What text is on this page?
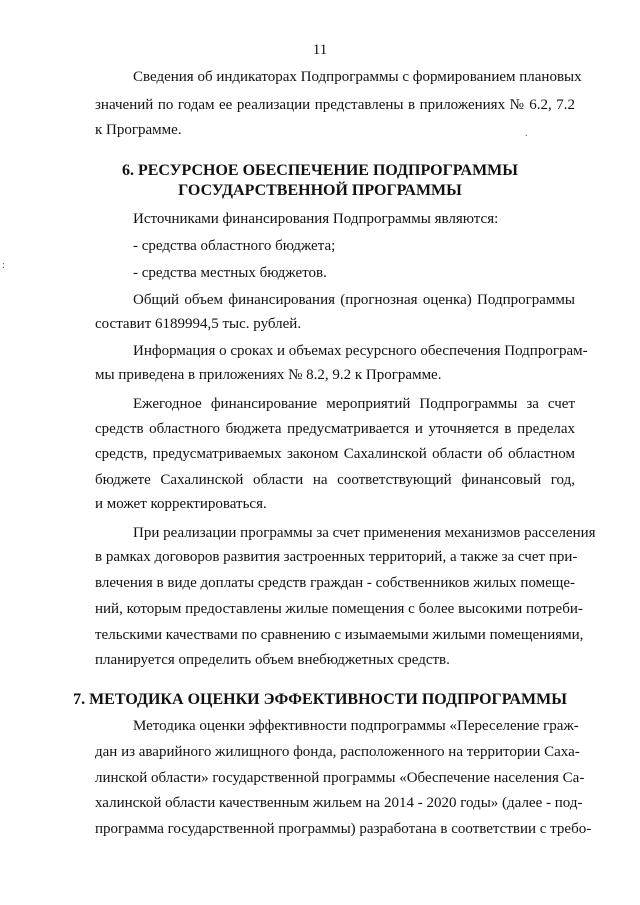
11
Сведения об индикаторах Подпрограммы с формированием плановых
значений по годам ее реализации представлены в приложениях № 6.2, 7.2
к Программе.	.
:
6. РЕСУРСНОЕ ОБЕСПЕЧЕНИЕ ПОДПРОГРАММЫ
ГОСУДАРСТВЕННОЙ ПРОГРАММЫ
Источниками финансирования Подпрограммы являются:
- средства областного бюджета;
- средства местных бюджетов.
Общий объем финансирования (прогнозная оценка) Подпрограммы
составит 6189994,5 тыс. рублей.
Информация о сроках и объемах ресурсного обеспечения Подпрограм-
мы приведена в приложениях № 8.2, 9.2 к Программе.
Ежегодное финансирование мероприятий Подпрограммы за счет
средств областного бюджета предусматривается и уточняется в пределах
средств, предусматриваемых законом Сахалинской области об областном
бюджете Сахалинской области на соответствующий финансовый год,
и может корректироваться.
При реализации программы за счет применения механизмов расселения
в рамках договоров развития застроенных территорий, а также за счет при-
влечения в виде доплаты средств граждан - собственников жилых помеще-
ний, которым предоставлены жилые помещения с более высокими потреби-
тельскими качествами по сравнению с изымаемыми жилыми помещениями,
планируется определить объем внебюджетных средств.
7. МЕТОДИКА ОЦЕНКИ ЭФФЕКТИВНОСТИ ПОДПРОГРАММЫ
Методика оценки эффективности подпрограммы «Переселение граж-
дан из аварийного жилищного фонда, расположенного на территории Саха-
линской области» государственной программы «Обеспечение населения Са-
халинской области качественным жильем на 2014 - 2020 годы» (далее - под-
программа государственной программы) разработана в соответствии с требо-
